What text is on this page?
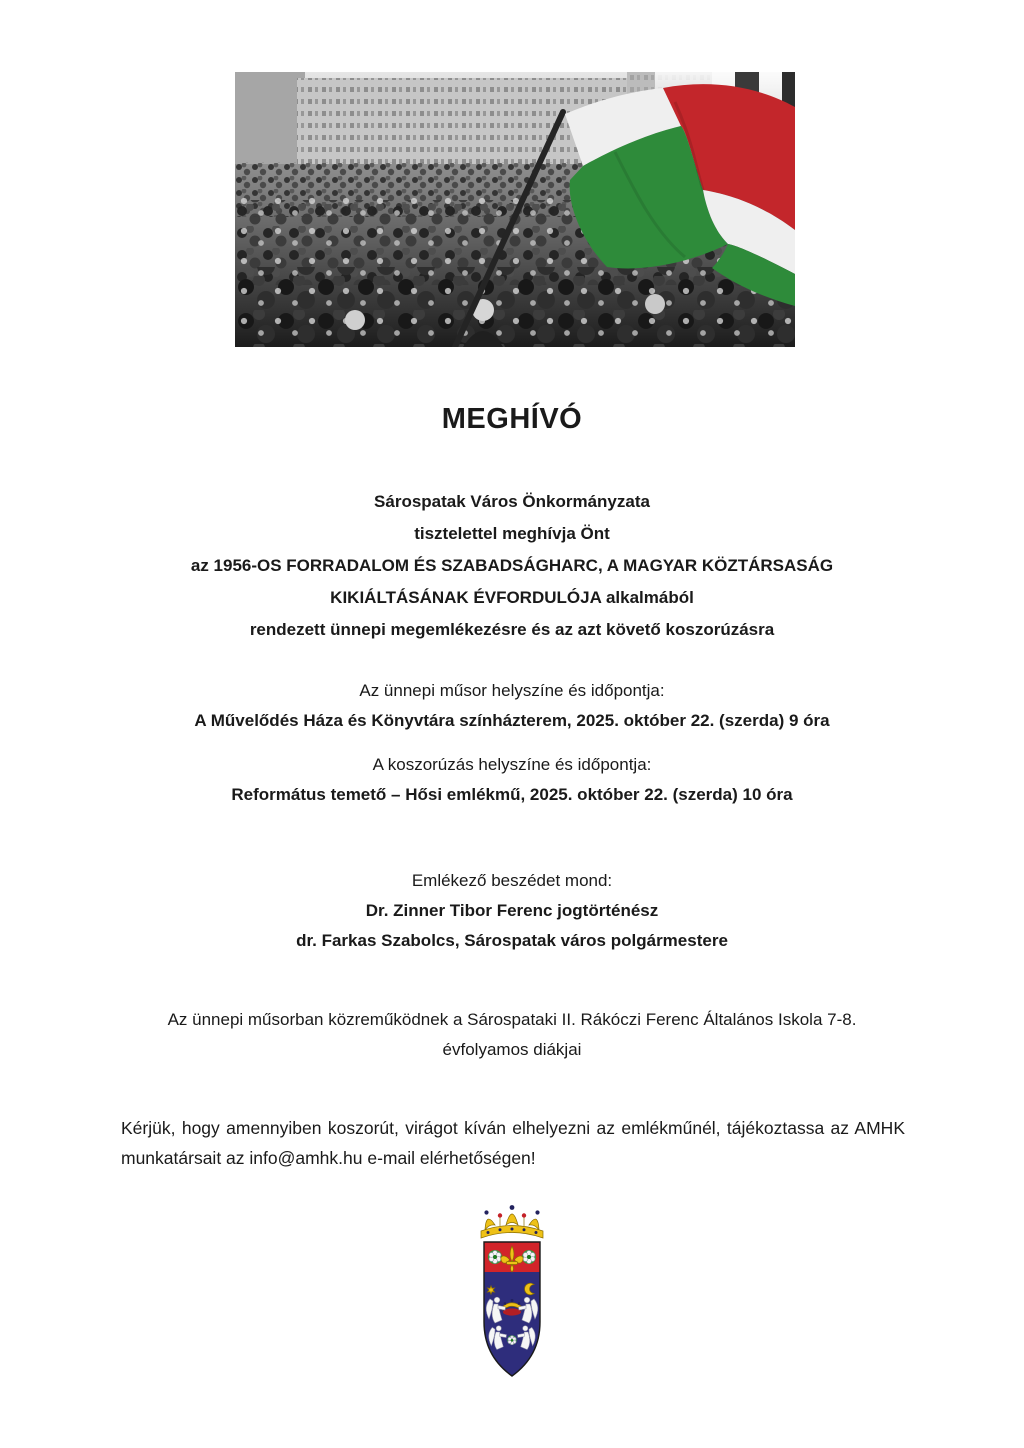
MEGHÍVÓ
Sárospatak Város Önkormányzata
tisztelettel meghívja Önt
az 1956-OS FORRADALOM ÉS SZABADSÁGHARC, A MAGYAR KÖZTÁRSASÁG
KIKIÁLTÁSÁNAK ÉVFORDULÓJA alkalmából
rendezett ünnepi megemlékezésre és az azt követő koszorúzásra
Az ünnepi műsor helyszíne és időpontja:
A Művelődés Háza és Könyvtára színházterem, 2025. október 22. (szerda) 9 óra
A koszorúzás helyszíne és időpontja:
Református temető – Hősi emlékmű, 2025. október 22. (szerda) 10 óra
Emlékező beszédet mond:
Dr. Zinner Tibor Ferenc jogtörténész
dr. Farkas Szabolcs, Sárospatak város polgármestere
Az ünnepi műsorban közreműködnek a Sárospataki II. Rákóczi Ferenc Általános Iskola 7-8. évfolyamos diákjai
Kérjük, hogy amennyiben koszorút, virágot kíván elhelyezni az emlékműnél, tájékoztassa az AMHK munkatársait az info@amhk.hu e-mail elérhetőségen!
